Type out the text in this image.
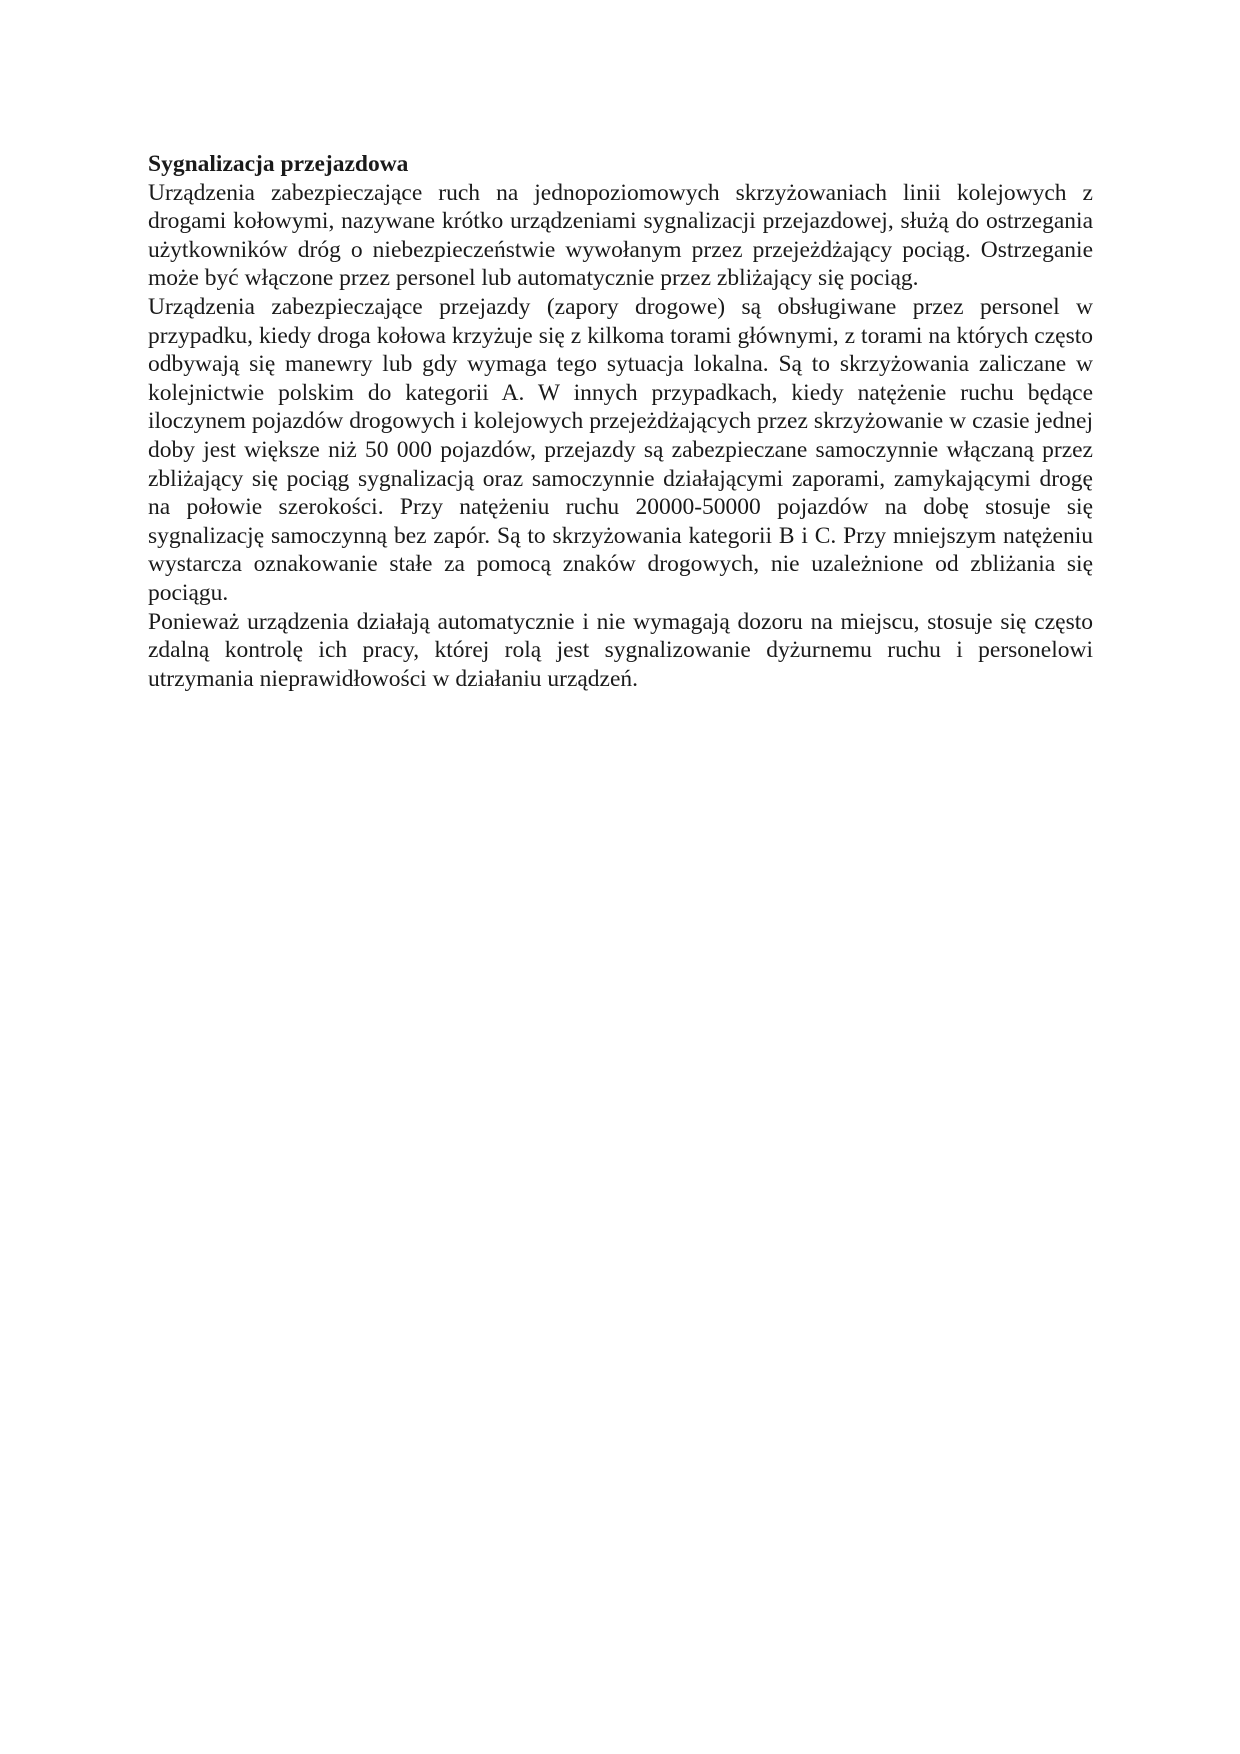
Sygnalizacja przejazdowa

Urządzenia zabezpieczające ruch na jednopoziomowych skrzyżowaniach linii kolejowych z drogami kołowymi, nazywane krótko urządzeniami sygnalizacji przejazdowej, służą do ostrzegania użytkowników dróg o niebezpieczeństwie wywołanym przez przejeżdżający pociąg. Ostrzeganie może być włączone przez personel lub automatycznie przez zbliżający się pociąg.

Urządzenia zabezpieczające przejazdy (zapory drogowe) są obsługiwane przez personel w przypadku, kiedy droga kołowa krzyżuje się z kilkoma torami głównymi, z torami na których często odbywają się manewry lub gdy wymaga tego sytuacja lokalna. Są to skrzyżowania zaliczane w kolejnictwie polskim do kategorii A. W innych przypadkach, kiedy natężenie ruchu będące iloczynem pojazdów drogowych i kolejowych przejeżdżających przez skrzyżowanie w czasie jednej doby jest większe niż 50 000 pojazdów, przejazdy są zabezpieczane samoczynnie włączaną przez zbliżający się pociąg sygnalizacją oraz samoczynnie działającymi zaporami, zamykającymi drogę na połowie szerokości. Przy natężeniu ruchu 20000-50000 pojazdów na dobę stosuje się sygnalizację samoczynną bez zapór. Są to skrzyżowania kategorii B i C. Przy mniejszym natężeniu wystarcza oznakowanie stałe za pomocą znaków drogowych, nie uzależnione od zbliżania się pociągu.

Ponieważ urządzenia działają automatycznie i nie wymagają dozoru na miejscu, stosuje się często zdalną kontrolę ich pracy, której rolą jest sygnalizowanie dyżurnemu ruchu i personelowi utrzymania nieprawidłowości w działaniu urządzeń.
